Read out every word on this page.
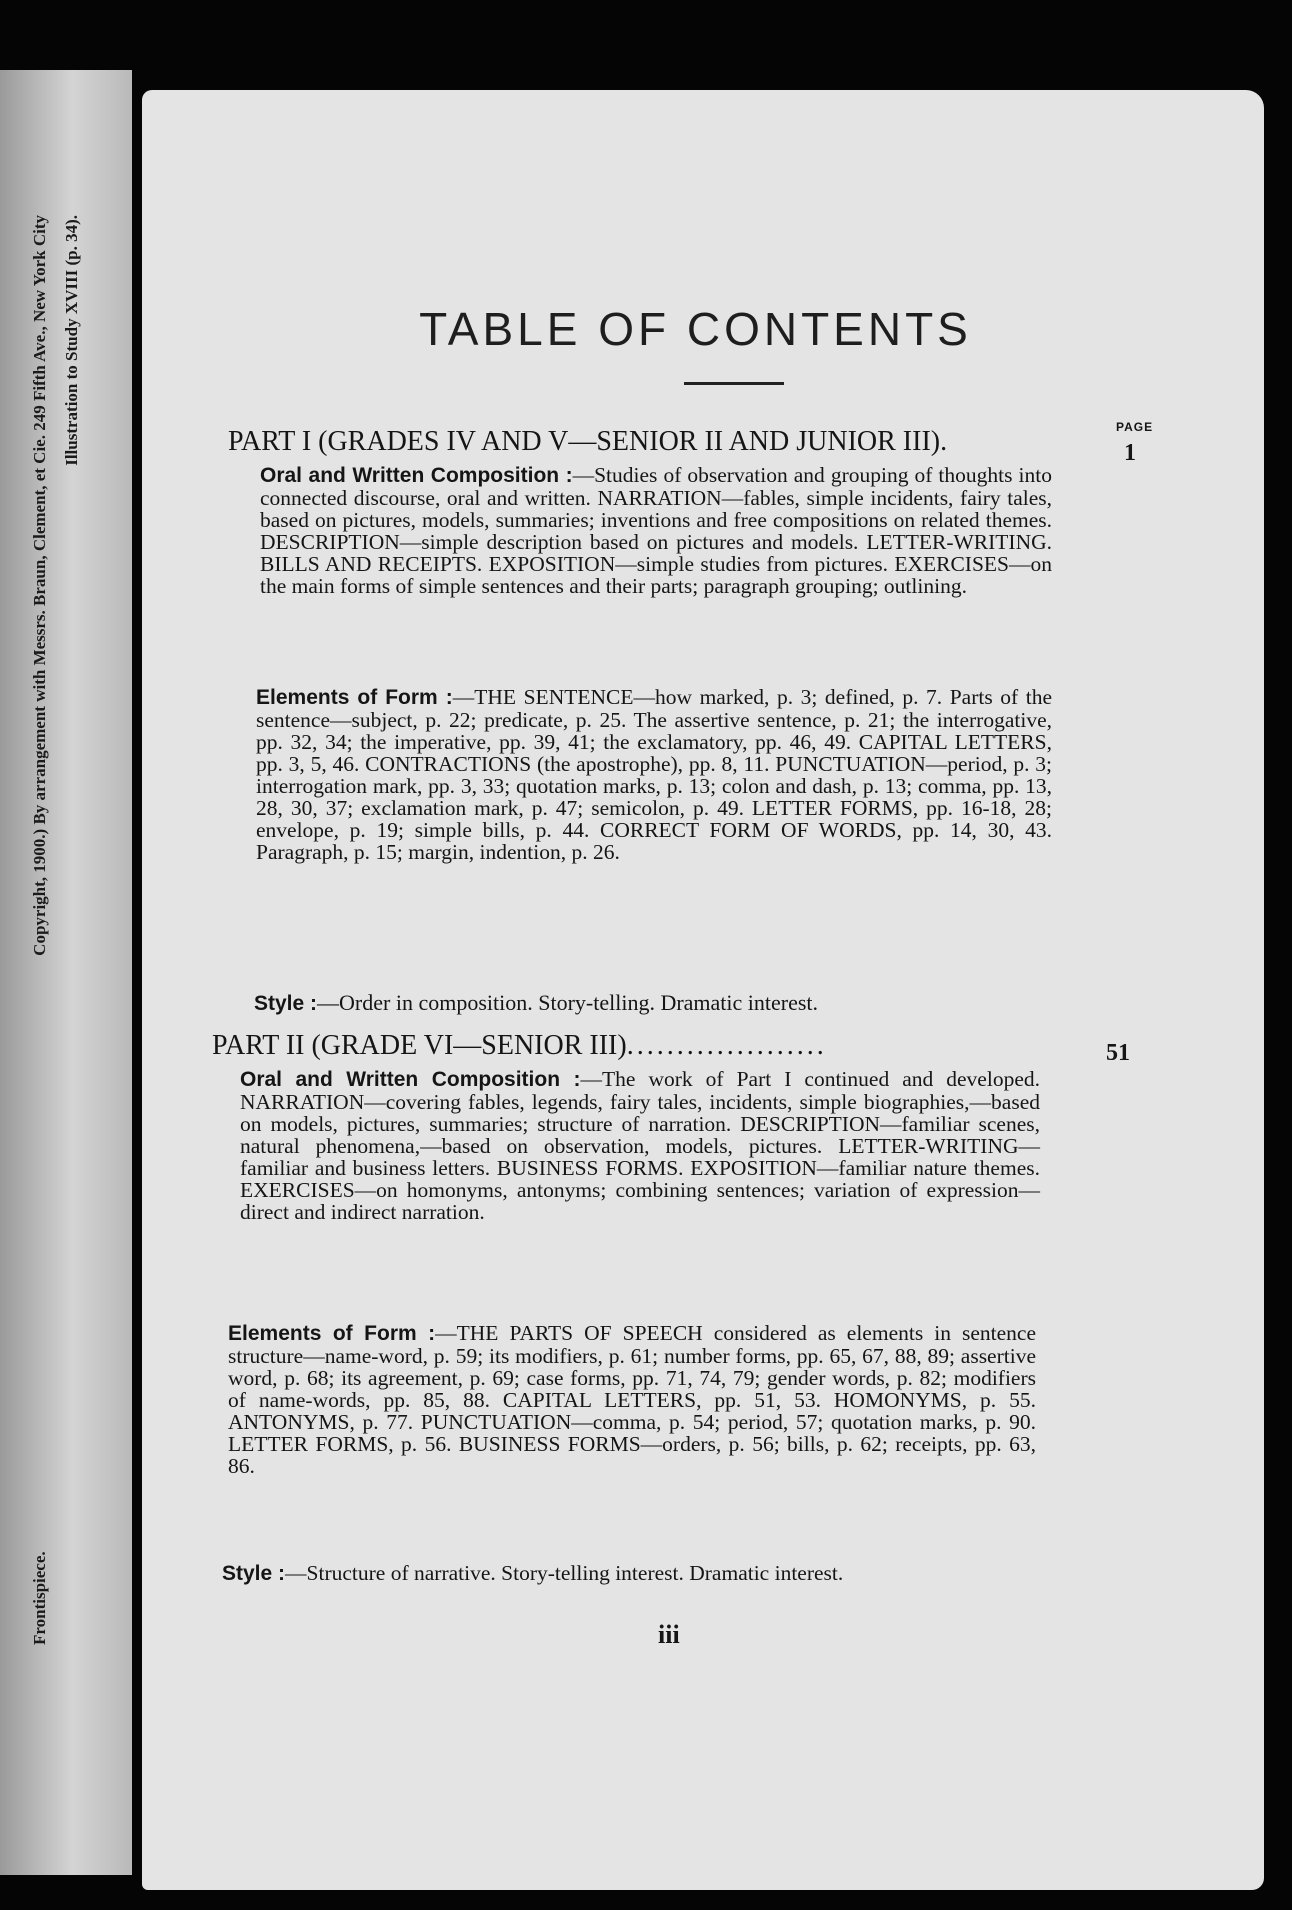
Frontispiece.
Copyright, 1900.) By arrangement with Messrs. Braun, Clement, et Cie. 249 Fifth Ave., New York City Illustration to Study XVIII (p. 34).	TABLE OF CONTENTS
PAGE
PART I (GRADES IV AND V—SENIOR II AND JUNIOR III).	1
Oral and Written Composition :—Studies of observation and grouping of thoughts into connected discourse, oral and written. NARRATION—fables, simple incidents, fairy tales, based on pictures, models, summaries; inventions and free compositions on related themes. DESCRIPTION—simple description based on pictures and models. LETTER-WRITING. BILLS AND RECEIPTS. EXPOSITION—simple studies from pictures. EXERCISES—on the main forms of simple sentences and their parts; paragraph grouping; outlining.
Elements of Form :—THE SENTENCE—how marked, p. 3; defined, p. 7. Parts of the sentence—subject, p. 22; predicate, p. 25. The assertive sentence, p. 21; the interrogative, pp. 32, 34; the imperative, pp. 39, 41; the exclamatory, pp. 46, 49. CAPITAL LETTERS, pp. 3, 5, 46. CONTRACTIONS (the apostrophe), pp. 8, 11. PUNCTUATION—period, p. 3; interrogation mark, pp. 3, 33; quotation marks, p. 13; colon and dash, p. 13; comma, pp. 13, 28, 30, 37; exclamation mark, p. 47; semicolon, p. 49. LETTER FORMS, pp. 16-18, 28; envelope, p. 19; simple bills, p. 44. CORRECT FORM OF WORDS, pp. 14, 30, 43. Paragraph, p. 15; margin, indention, p. 26.
Style :—Order in composition. Story-telling. Dramatic interest.
PART II (GRADE VI—SENIOR III)....................	51
Oral and Written Composition :—The work of Part I continued and developed. NARRATION—covering fables, legends, fairy tales, incidents, simple biographies,—based on models, pictures, summaries; structure of narration. DESCRIPTION—familiar scenes, natural phenomena,—based on observation, models, pictures. LETTER-WRITING—familiar and business letters. BUSINESS FORMS. EXPOSITION—familiar nature themes. EXERCISES—on homonyms, antonyms; combining sentences; variation of expression—direct and indirect narration.
Elements of Form :—THE PARTS OF SPEECH considered as elements in sentence structure—name-word, p. 59; its modifiers, p. 61; number forms, pp. 65, 67, 88, 89; assertive word, p. 68; its agreement, p. 69; case forms, pp. 71, 74, 79; gender words, p. 82; modifiers of name-words, pp. 85, 88. CAPITAL LETTERS, pp. 51, 53. HOMONYMS, p. 55. ANTONYMS, p. 77. PUNCTUATION—comma, p. 54; period, 57; quotation marks, p. 90. LETTER FORMS, p. 56. BUSINESS FORMS—orders, p. 56; bills, p. 62; receipts, pp. 63, 86.
Style :—Structure of narrative. Story-telling interest. Dramatic interest.
iii
